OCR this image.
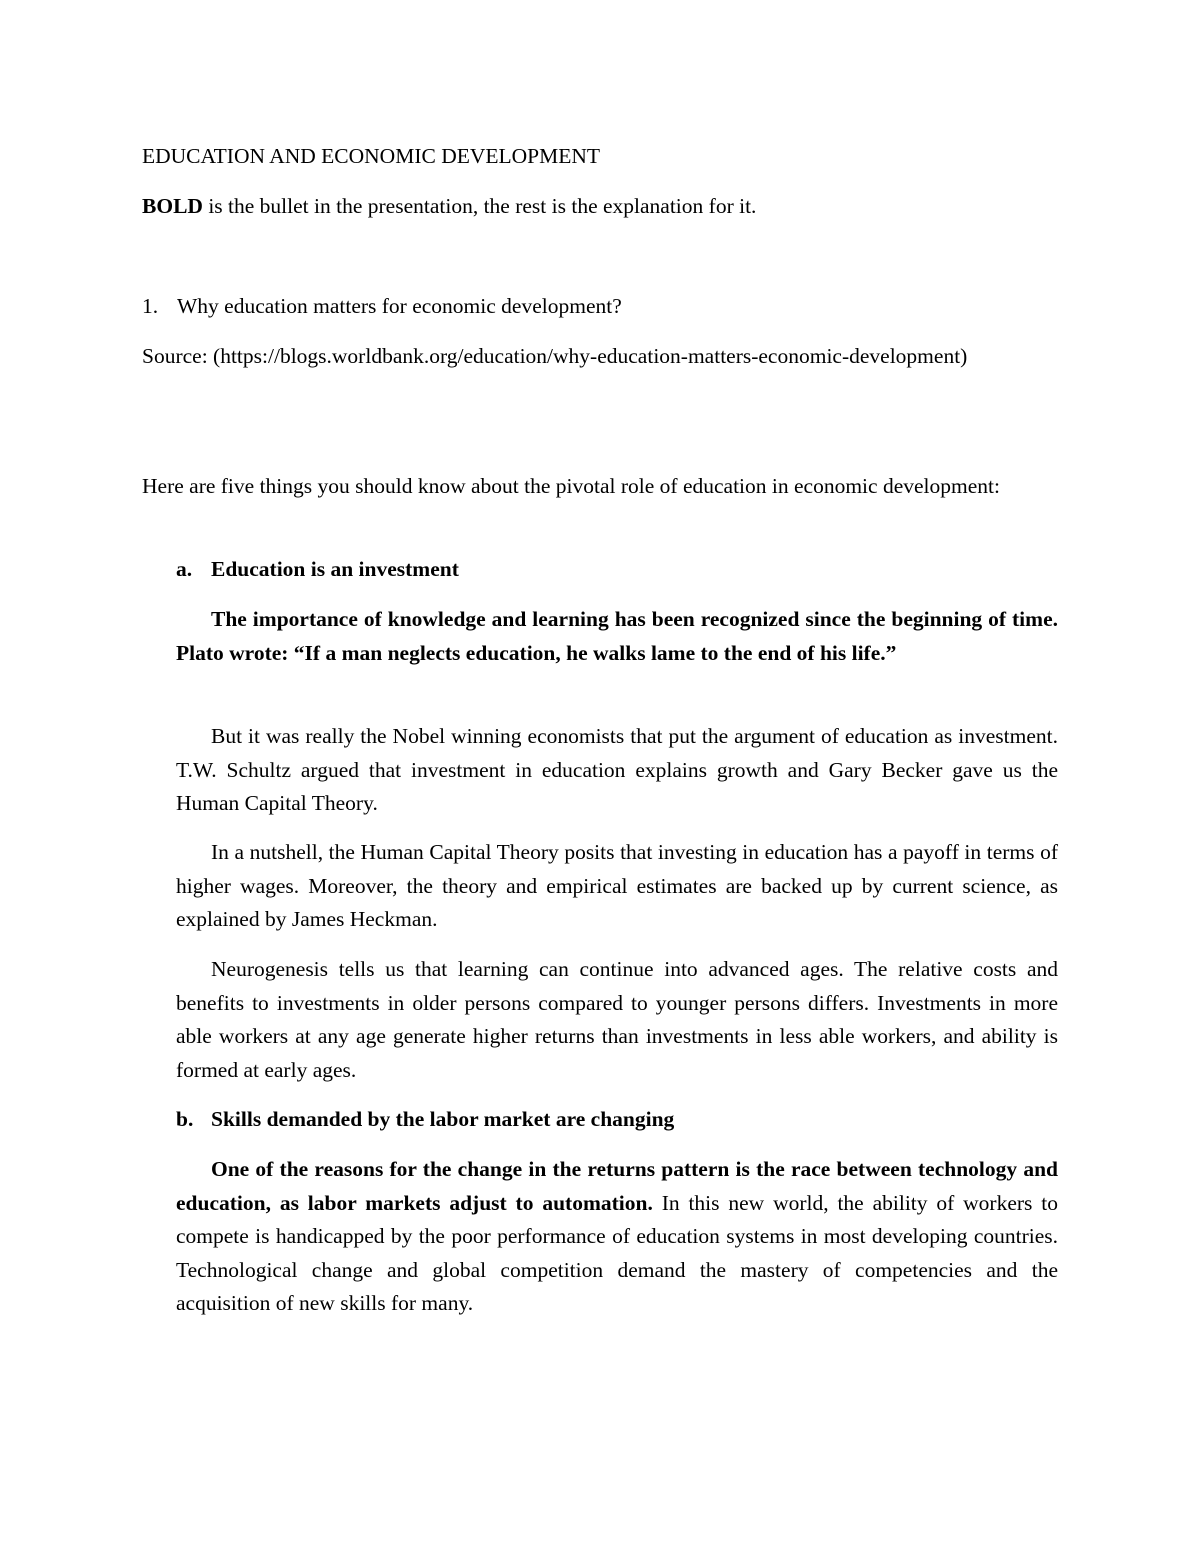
EDUCATION AND ECONOMIC DEVELOPMENT
BOLD is the bullet in the presentation, the rest is the explanation for it.
1. Why education matters for economic development?
Source: (https://blogs.worldbank.org/education/why-education-matters-economic-development)
Here are five things you should know about the pivotal role of education in economic development:
a. Education is an investment
The importance of knowledge and learning has been recognized since the beginning of time. Plato wrote: “If a man neglects education, he walks lame to the end of his life.”
But it was really the Nobel winning economists that put the argument of education as investment. T.W. Schultz argued that investment in education explains growth and Gary Becker gave us the Human Capital Theory.
In a nutshell, the Human Capital Theory posits that investing in education has a payoff in terms of higher wages. Moreover, the theory and empirical estimates are backed up by current science, as explained by James Heckman.
Neurogenesis tells us that learning can continue into advanced ages. The relative costs and benefits to investments in older persons compared to younger persons differs. Investments in more able workers at any age generate higher returns than investments in less able workers, and ability is formed at early ages.
b. Skills demanded by the labor market are changing
One of the reasons for the change in the returns pattern is the race between technology and education, as labor markets adjust to automation. In this new world, the ability of workers to compete is handicapped by the poor performance of education systems in most developing countries. Technological change and global competition demand the mastery of competencies and the acquisition of new skills for many.
